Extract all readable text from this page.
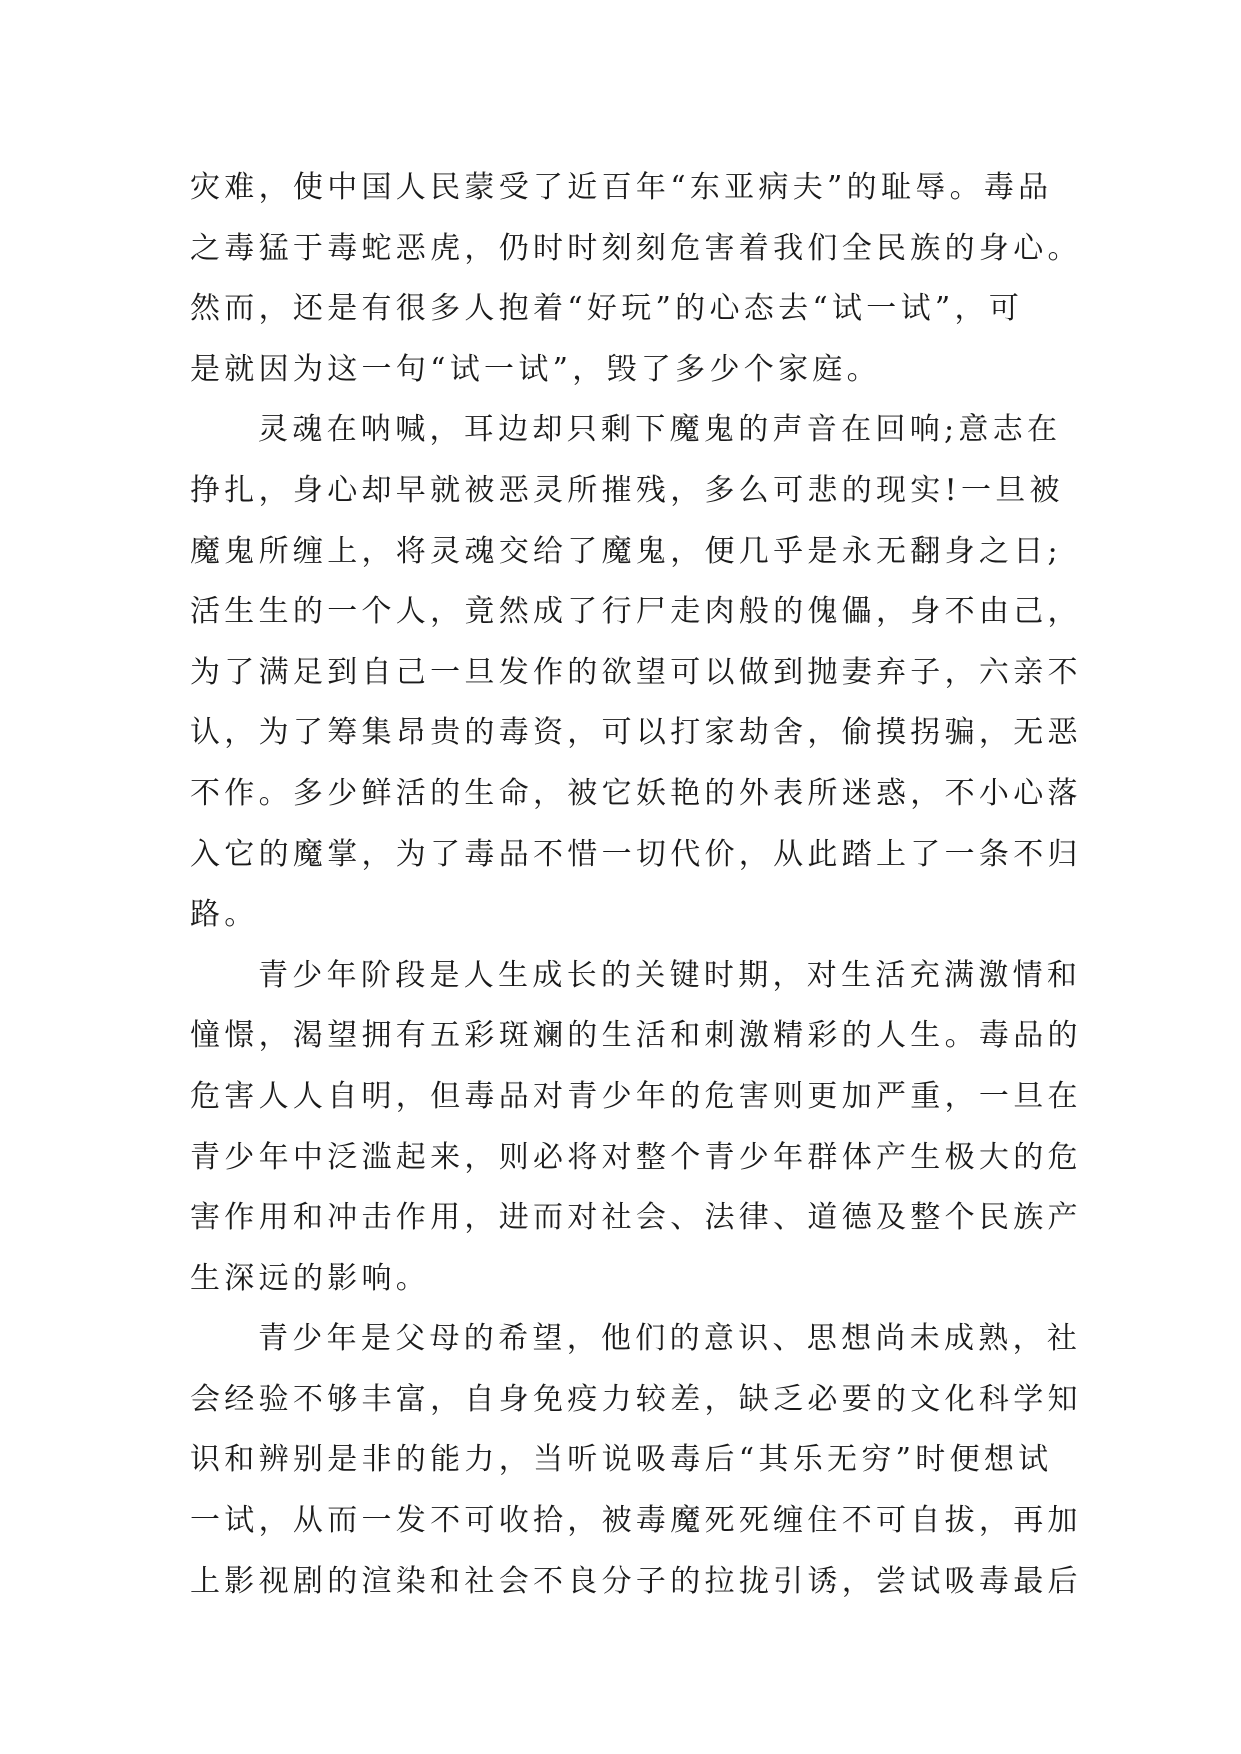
灾难，使中国人民蒙受了近百年“东亚病夫”的耻辱。毒品
之毒猛于毒蛇恶虎，仍时时刻刻危害着我们全民族的身心。
然而，还是有很多人抱着“好玩”的心态去“试一试”，可
是就因为这一句“试一试”，毁了多少个家庭。
灵魂在呐喊，耳边却只剩下魔鬼的声音在回响;意志在
挣扎，身心却早就被恶灵所摧残，多么可悲的现实!一旦被
魔鬼所缠上，将灵魂交给了魔鬼，便几乎是永无翻身之日;
活生生的一个人，竟然成了行尸走肉般的傀儡，身不由己，
为了满足到自己一旦发作的欲望可以做到抛妻弃子，六亲不
认，为了筹集昂贵的毒资，可以打家劫舍，偷摸拐骗，无恶
不作。多少鲜活的生命，被它妖艳的外表所迷惑，不小心落
入它的魔掌，为了毒品不惜一切代价，从此踏上了一条不归
路。
青少年阶段是人生成长的关键时期，对生活充满激情和
憧憬，渴望拥有五彩斑斓的生活和刺激精彩的人生。毒品的
危害人人自明，但毒品对青少年的危害则更加严重，一旦在
青少年中泛滥起来，则必将对整个青少年群体产生极大的危
害作用和冲击作用，进而对社会、法律、道德及整个民族产
生深远的影响。
青少年是父母的希望，他们的意识、思想尚未成熟，社
会经验不够丰富，自身免疫力较差，缺乏必要的文化科学知
识和辨别是非的能力，当听说吸毒后“其乐无穷”时便想试
一试，从而一发不可收拾，被毒魔死死缠住不可自拔，再加
上影视剧的渲染和社会不良分子的拉拢引诱，尝试吸毒最后
